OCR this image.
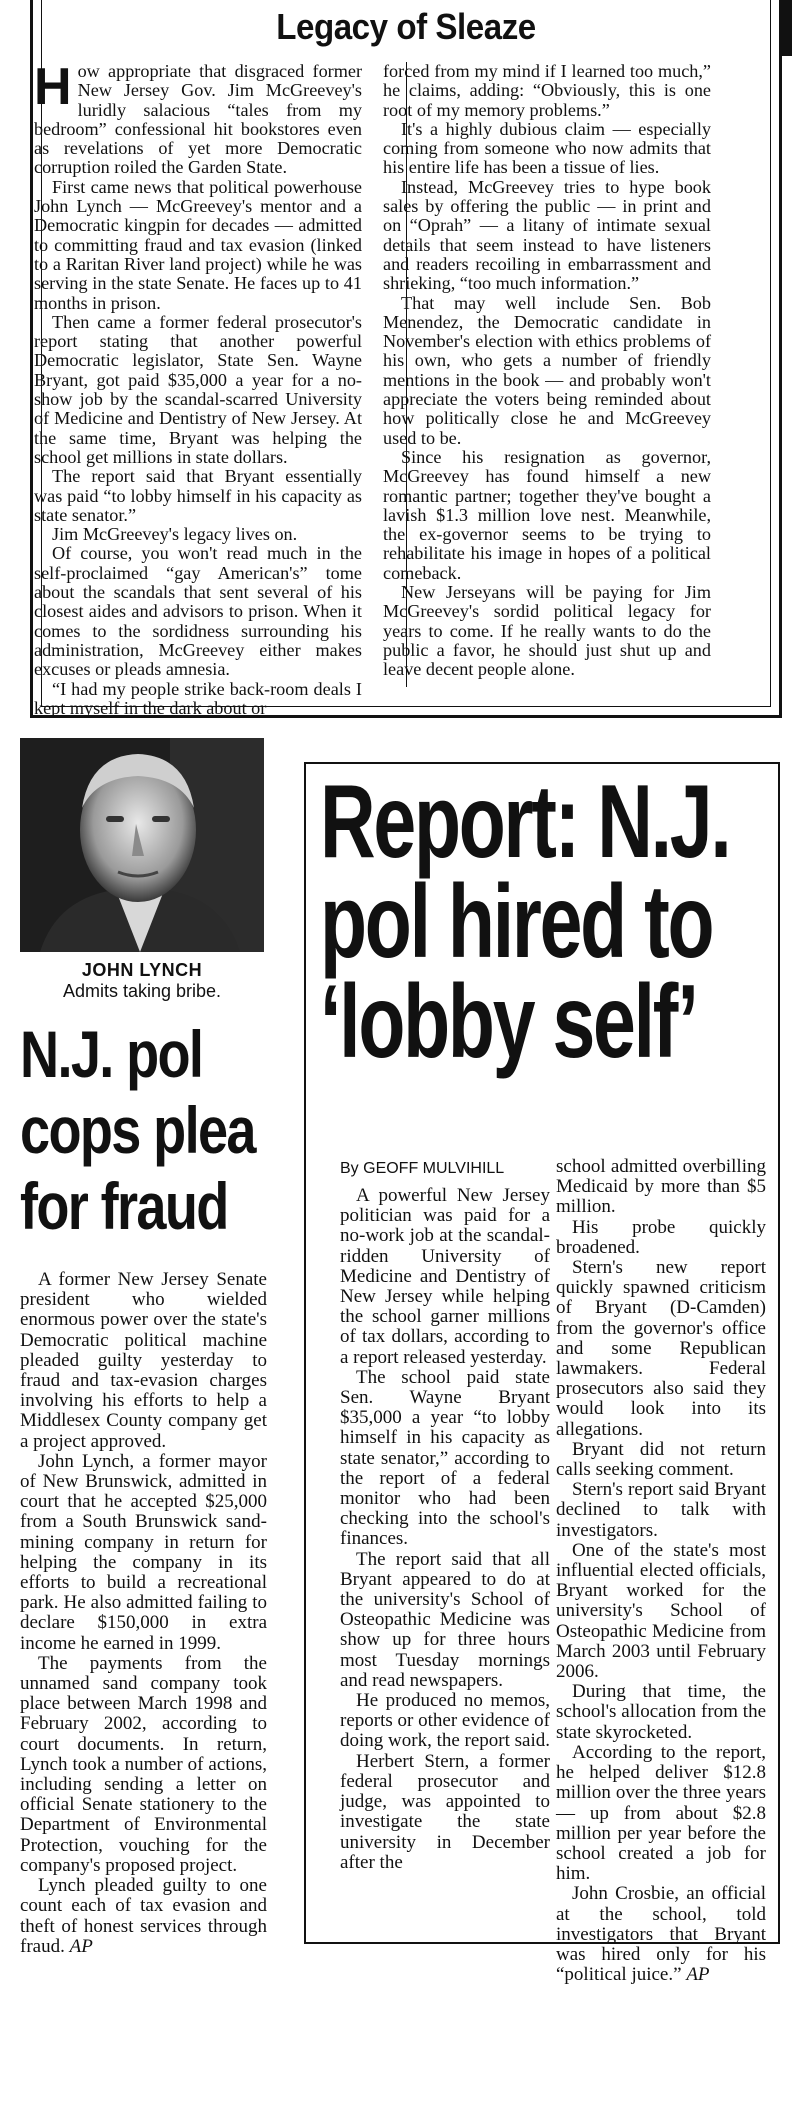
Legacy of Sleaze

How appropriate that disgraced former New Jersey Gov. Jim McGreevey's luridly salacious “tales from my bedroom” confessional hit bookstores even as revelations of yet more Democratic corruption roiled the Garden State.

First came news that political powerhouse John Lynch — McGreevey's mentor and a Democratic kingpin for decades — admitted to committing fraud and tax evasion (linked to a Raritan River land project) while he was serving in the state Senate. He faces up to 41 months in prison.

Then came a former federal prosecutor's report stating that another powerful Democratic legislator, State Sen. Wayne Bryant, got paid $35,000 a year for a no-show job by the scandal-scarred University of Medicine and Dentistry of New Jersey. At the same time, Bryant was helping the school get millions in state dollars.

The report said that Bryant essentially was paid “to lobby himself in his capacity as state senator.”

Jim McGreevey's legacy lives on.

Of course, you won't read much in the self-proclaimed “gay American's” tome about the scandals that sent several of his closest aides and advisors to prison. When it comes to the sordidness surrounding his administration, McGreevey either makes excuses or pleads amnesia.

“I had my people strike back-room deals I kept myself in the dark about or

forced from my mind if I learned too much,” he claims, adding: “Obviously, this is one root of my memory problems.”

It's a highly dubious claim — especially coming from someone who now admits that his entire life has been a tissue of lies.

Instead, McGreevey tries to hype book sales by offering the public — in print and on “Oprah” — a litany of intimate sexual details that seem instead to have listeners and readers recoiling in embarrassment and shrieking, “too much information.”

That may well include Sen. Bob Menendez, the Democratic candidate in November's election with ethics problems of his own, who gets a number of friendly mentions in the book — and probably won't appreciate the voters being reminded about how politically close he and McGreevey used to be.

Since his resignation as governor, McGreevey has found himself a new romantic partner; together they've bought a lavish $1.3 million love nest. Meanwhile, the ex-governor seems to be trying to rehabilitate his image in hopes of a political comeback.

New Jerseyans will be paying for Jim McGreevey's sordid political legacy for years to come. If he really wants to do the public a favor, he should just shut up and leave decent people alone.

JOHN LYNCH
Admits taking bribe.
N.J. pol
cops plea
for fraud

A former New Jersey Senate president who wielded enormous power over the state's Democratic political machine pleaded guilty yesterday to fraud and tax-evasion charges involving his efforts to help a Middlesex County company get a project approved.

John Lynch, a former mayor of New Brunswick, admitted in court that he accepted $25,000 from a South Brunswick sand-mining company in return for helping the company in its efforts to build a recreational park. He also admitted failing to declare $150,000 in extra income he earned in 1999.

The payments from the unnamed sand company took place between March 1998 and February 2002, according to court documents. In return, Lynch took a number of actions, including sending a letter on official Senate stationery to the Department of Environmental Protection, vouching for the company's proposed project.

Lynch pleaded guilty to one count each of tax evasion and theft of honest services through fraud. AP

Report: N.J.
pol hired to
‘lobby self’
By GEOFF MULVIHILL

A powerful New Jersey politician was paid for a no-work job at the scandal-ridden University of Medicine and Dentistry of New Jersey while helping the school garner millions of tax dollars, according to a report released yesterday.

The school paid state Sen. Wayne Bryant $35,000 a year “to lobby himself in his capacity as state senator,” according to the report of a federal monitor who had been checking into the school's finances.

The report said that all Bryant appeared to do at the university's School of Osteopathic Medicine was show up for three hours most Tuesday mornings and read newspapers.

He produced no memos, reports or other evidence of doing work, the report said.

Herbert Stern, a former federal prosecutor and judge, was appointed to investigate the state university in December after the

school admitted overbilling Medicaid by more than $5 million.

His probe quickly broadened.

Stern's new report quickly spawned criticism of Bryant (D-Camden) from the governor's office and some Republican lawmakers. Federal prosecutors also said they would look into its allegations.

Bryant did not return calls seeking comment.

Stern's report said Bryant declined to talk with investigators.

One of the state's most influential elected officials, Bryant worked for the university's School of Osteopathic Medicine from March 2003 until February 2006.

During that time, the school's allocation from the state skyrocketed.

According to the report, he helped deliver $12.8 million over the three years — up from about $2.8 million per year before the school created a job for him.

John Crosbie, an official at the school, told investigators that Bryant was hired only for his “political juice.” AP
